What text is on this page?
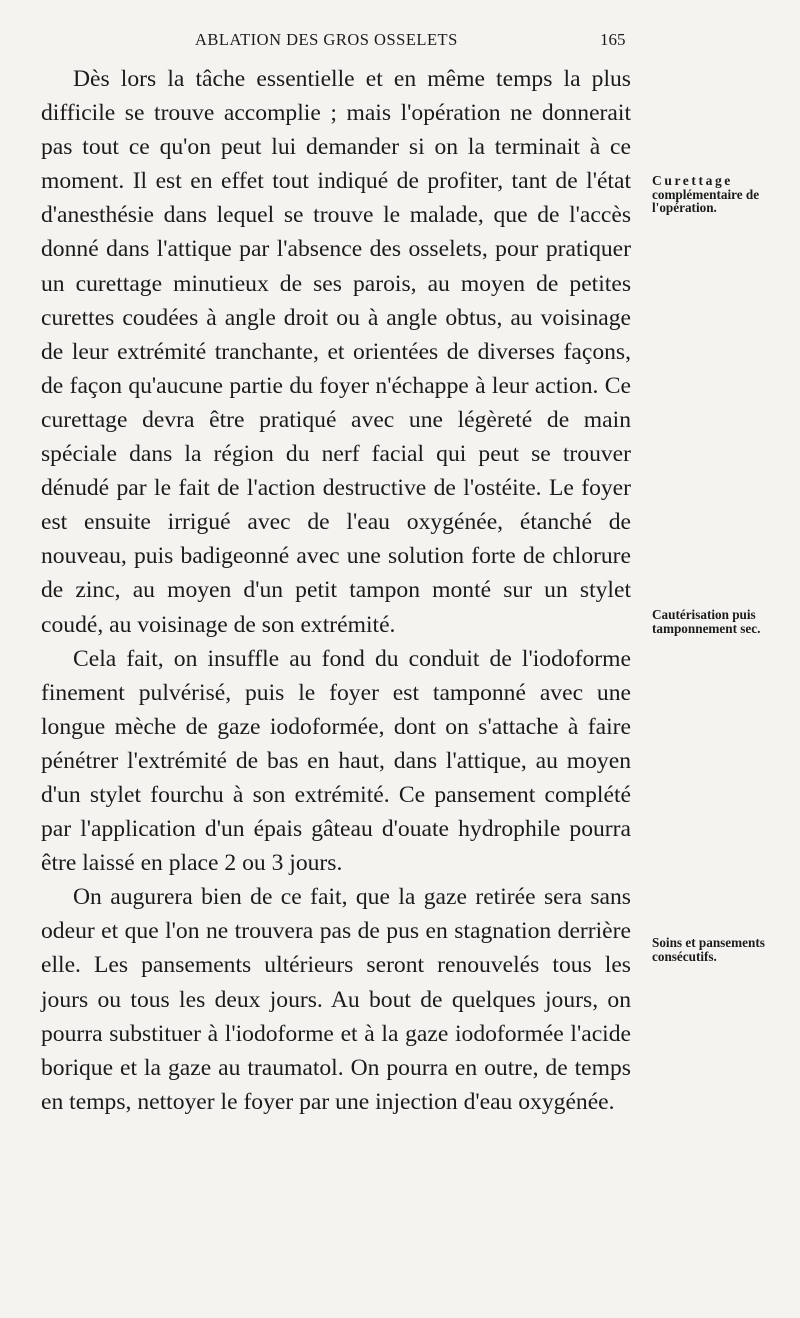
ABLATION DES GROS OSSELETS	165

Dès lors la tâche essentielle et en même temps la plus difficile se trouve accomplie ; mais l'opération ne donnerait pas tout ce qu'on peut lui demander si on la terminait à ce moment. Il est en effet tout indiqué de profiter, tant de l'état d'anesthésie dans lequel se trouve le malade, que de l'accès donné dans l'attique par l'absence des osselets, pour pratiquer un curettage minutieux de ses parois, au moyen de petites curettes coudées à angle droit ou à angle obtus, au voisinage de leur extrémité tranchante, et orientées de diverses façons, de façon qu'aucune partie du foyer n'échappe à leur action. Ce curettage devra être pratiqué avec une légèreté de main spéciale dans la région du nerf facial qui peut se trouver dénudé par le fait de l'action destructive de l'ostéite. Le foyer est ensuite irrigué avec de l'eau oxygénée, étanché de nouveau, puis badigeonné avec une solution forte de chlorure de zinc, au moyen d'un petit tampon monté sur un stylet coudé, au voisinage de son extrémité.

Cela fait, on insuffle au fond du conduit de l'iodoforme finement pulvérisé, puis le foyer est tamponné avec une longue mèche de gaze iodoformée, dont on s'attache à faire pénétrer l'extrémité de bas en haut, dans l'attique, au moyen d'un stylet fourchu à son extrémité. Ce pansement complété par l'application d'un épais gâteau d'ouate hydrophile pourra être laissé en place 2 ou 3 jours.

On augurera bien de ce fait, que la gaze retirée sera sans odeur et que l'on ne trouvera pas de pus en stagnation derrière elle. Les pansements ultérieurs seront renouvelés tous les jours ou tous les deux jours. Au bout de quelques jours, on pourra substituer à l'iodoforme et à la gaze iodoformée l'acide borique et la gaze au traumatol. On pourra en outre, de temps en temps, nettoyer le foyer par une injection d'eau oxygénée.

Curettage
complémentaire de l'opération.
Cautérisation puis tamponnement sec.
Soins et pansements consécutifs.
